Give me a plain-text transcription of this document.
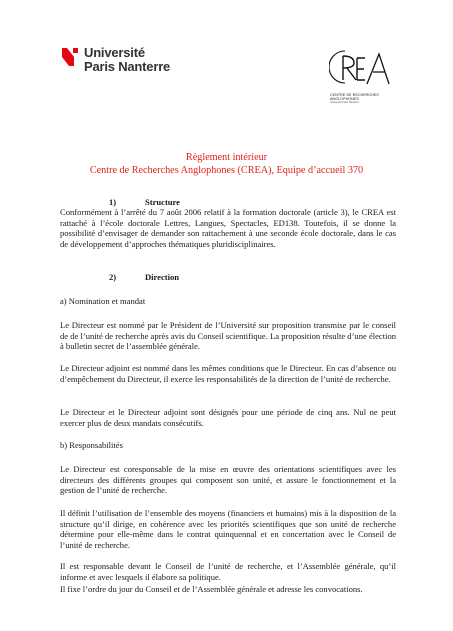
Université
Paris Nanterre
CENTRE DE RECHERCHES
ANGLOPHONES
Université Paris Nanterre
Règlement intérieur
Centre de Recherches Anglophones (CREA), Equipe d’accueil 370
1)	Structure
Conformément à l’arrêté du 7 août 2006 relatif à la formation doctorale (article 3), le CREA est rattaché à l’école doctorale Lettres, Langues, Spectacles, ED138. Toutefois, il se donne la possibilité d’envisager de demander son rattachement à une seconde école doctorale, dans le cas de développement d’approches thématiques pluridisciplinaires.
2)	Direction
a) Nomination et mandat
Le Directeur est nommé par le Président de l’Université sur proposition transmise par le conseil de de l’unité de recherche après avis du Conseil scientifique. La proposition résulte d’une élection à bulletin secret de l’assemblée générale.
Le Directeur adjoint est nommé dans les mêmes conditions que le Directeur. En cas d’absence ou d’empêchement du Directeur, il exerce les responsabilités de la direction de l’unité de recherche.
Le Directeur et le Directeur adjoint sont désignés pour une période de cinq ans. Nul ne peut exercer plus de deux mandats consécutifs.
b) Responsabilités
Le Directeur est coresponsable de la mise en œuvre des orientations scientifiques avec les directeurs des différents groupes qui composent son unité, et assure le fonctionnement et la gestion de l’unité de recherche.
Il définit l’utilisation de l’ensemble des moyens (financiers et humains) mis à la disposition de la structure qu’il dirige, en cohérence avec les priorités scientifiques que son unité de recherche détermine pour elle-même dans le contrat quinquennal et en concertation avec le Conseil de l’unité de recherche.
Il est responsable devant le Conseil de l’unité de recherche, et l’Assemblée générale, qu’il informe et avec lesquels il élabore sa politique.
Il fixe l’ordre du jour du Conseil et de l’Assemblée générale et adresse les convocations.
